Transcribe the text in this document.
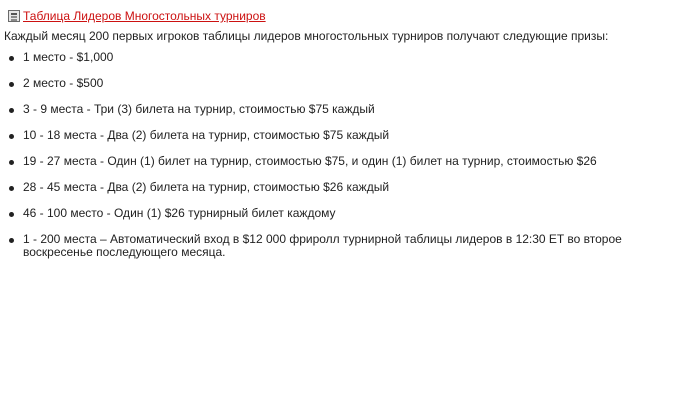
Таблица Лидеров Многостольных турниров
Каждый месяц 200 первых игроков таблицы лидеров многостольных турниров получают следующие призы:
1 место - $1,000
2 место - $500
3 - 9 места - Три (3) билета на турнир, стоимостью $75 каждый
10 - 18 места - Два (2) билета на турнир, стоимостью $75 каждый
19 - 27 места - Один (1) билет на турнир, стоимостью $75, и один (1) билет на турнир, стоимостью $26
28 - 45 места - Два (2) билета на турнир, стоимостью $26 каждый
46 - 100 место - Один (1) $26 турнирный билет каждому
1 - 200 места – Автоматический вход в $12 000 фриролл турнирной таблицы лидеров в 12:30 ET во второе воскресенье последующего месяца.
